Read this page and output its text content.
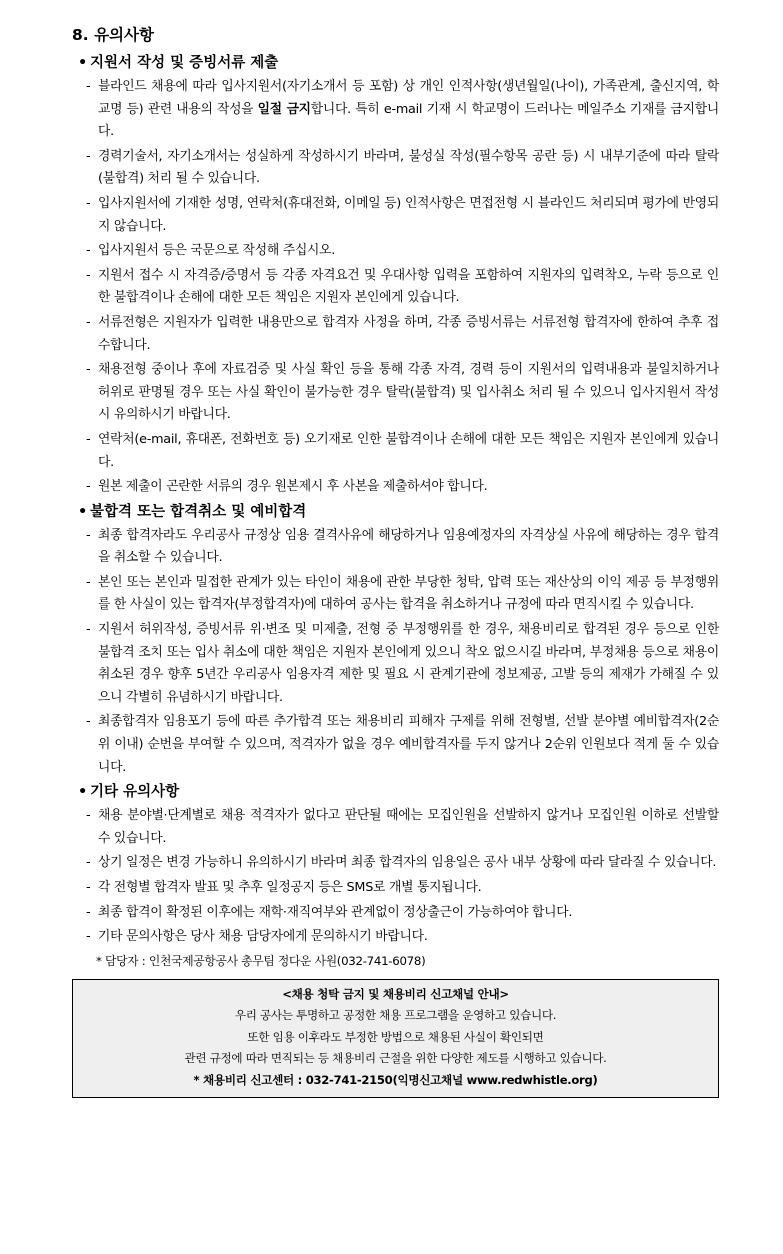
8. 유의사항
• 지원서 작성 및 증빙서류 제출
- 블라인드 채용에 따라 입사지원서(자기소개서 등 포함) 상 개인 인적사항(생년월일(나이), 가족관계, 출신지역, 학교명 등) 관련 내용의 작성을 일절 금지합니다. 특히 e-mail 기재 시 학교명이 드러나는 메일주소 기재를 금지합니다.
- 경력기술서, 자기소개서는 성실하게 작성하시기 바라며, 불성실 작성(필수항목 공란 등) 시 내부기준에 따라 탈락(불합격) 처리 될 수 있습니다.
- 입사지원서에 기재한 성명, 연락처(휴대전화, 이메일 등) 인적사항은 면접전형 시 블라인드 처리되며 평가에 반영되지 않습니다.
- 입사지원서 등은 국문으로 작성해 주십시오.
- 지원서 접수 시 자격증/증명서 등 각종 자격요건 및 우대사항 입력을 포함하여 지원자의 입력착오, 누락 등으로 인한 불합격이나 손해에 대한 모든 책임은 지원자 본인에게 있습니다.
- 서류전형은 지원자가 입력한 내용만으로 합격자 사정을 하며, 각종 증빙서류는 서류전형 합격자에 한하여 추후 접수합니다.
- 채용전형 중이나 후에 자료검증 및 사실 확인 등을 통해 각종 자격, 경력 등이 지원서의 입력내용과 불일치하거나 허위로 판명될 경우 또는 사실 확인이 불가능한 경우 탈락(불합격) 및 입사취소 처리 될 수 있으니 입사지원서 작성 시 유의하시기 바랍니다.
- 연락처(e-mail, 휴대폰, 전화번호 등) 오기재로 인한 불합격이나 손해에 대한 모든 책임은 지원자 본인에게 있습니다.
- 원본 제출이 곤란한 서류의 경우 원본제시 후 사본을 제출하셔야 합니다.
• 불합격 또는 합격취소 및 예비합격
- 최종 합격자라도 우리공사 규정상 임용 결격사유에 해당하거나 임용예정자의 자격상실 사유에 해당하는 경우 합격을 취소할 수 있습니다.
- 본인 또는 본인과 밀접한 관계가 있는 타인이 채용에 관한 부당한 청탁, 압력 또는 재산상의 이익 제공 등 부정행위를 한 사실이 있는 합격자(부정합격자)에 대하여 공사는 합격을 취소하거나 규정에 따라 면직시킬 수 있습니다.
- 지원서 허위작성, 증빙서류 위·변조 및 미제출, 전형 중 부정행위를 한 경우, 채용비리로 합격된 경우 등으로 인한 불합격 조치 또는 입사 취소에 대한 책임은 지원자 본인에게 있으니 착오 없으시길 바라며, 부정채용 등으로 채용이 취소된 경우 향후 5년간 우리공사 임용자격 제한 및 필요 시 관계기관에 정보제공, 고발 등의 제재가 가해질 수 있으니 각별히 유념하시기 바랍니다.
- 최종합격자 임용포기 등에 따른 추가합격 또는 채용비리 피해자 구제를 위해 전형별, 선발 분야별 예비합격자(2순위 이내) 순번을 부여할 수 있으며, 적격자가 없을 경우 예비합격자를 두지 않거나 2순위 인원보다 적게 둘 수 있습니다.
• 기타 유의사항
- 채용 분야별·단계별로 채용 적격자가 없다고 판단될 때에는 모집인원을 선발하지 않거나 모집인원 이하로 선발할 수 있습니다.
- 상기 일정은 변경 가능하니 유의하시기 바라며 최종 합격자의 임용일은 공사 내부 상황에 따라 달라질 수 있습니다.
- 각 전형별 합격자 발표 및 추후 일정공지 등은 SMS로 개별 통지됩니다.
- 최종 합격이 확정된 이후에는 재학·재직여부와 관계없이 정상출근이 가능하여야 합니다.
- 기타 문의사항은 당사 채용 담당자에게 문의하시기 바랍니다.
* 담당자 : 인천국제공항공사 총무팀 정다운 사원(032-741-6078)
<채용 청탁 금지 및 채용비리 신고채널 안내>
우리 공사는 투명하고 공정한 채용 프로그램을 운영하고 있습니다.
또한 임용 이후라도 부정한 방법으로 채용된 사실이 확인되면
관련 규정에 따라 면직되는 등 채용비리 근절을 위한 다양한 제도를 시행하고 있습니다.
* 채용비리 신고센터 : 032-741-2150(익명신고채널 www.redwhistle.org)
